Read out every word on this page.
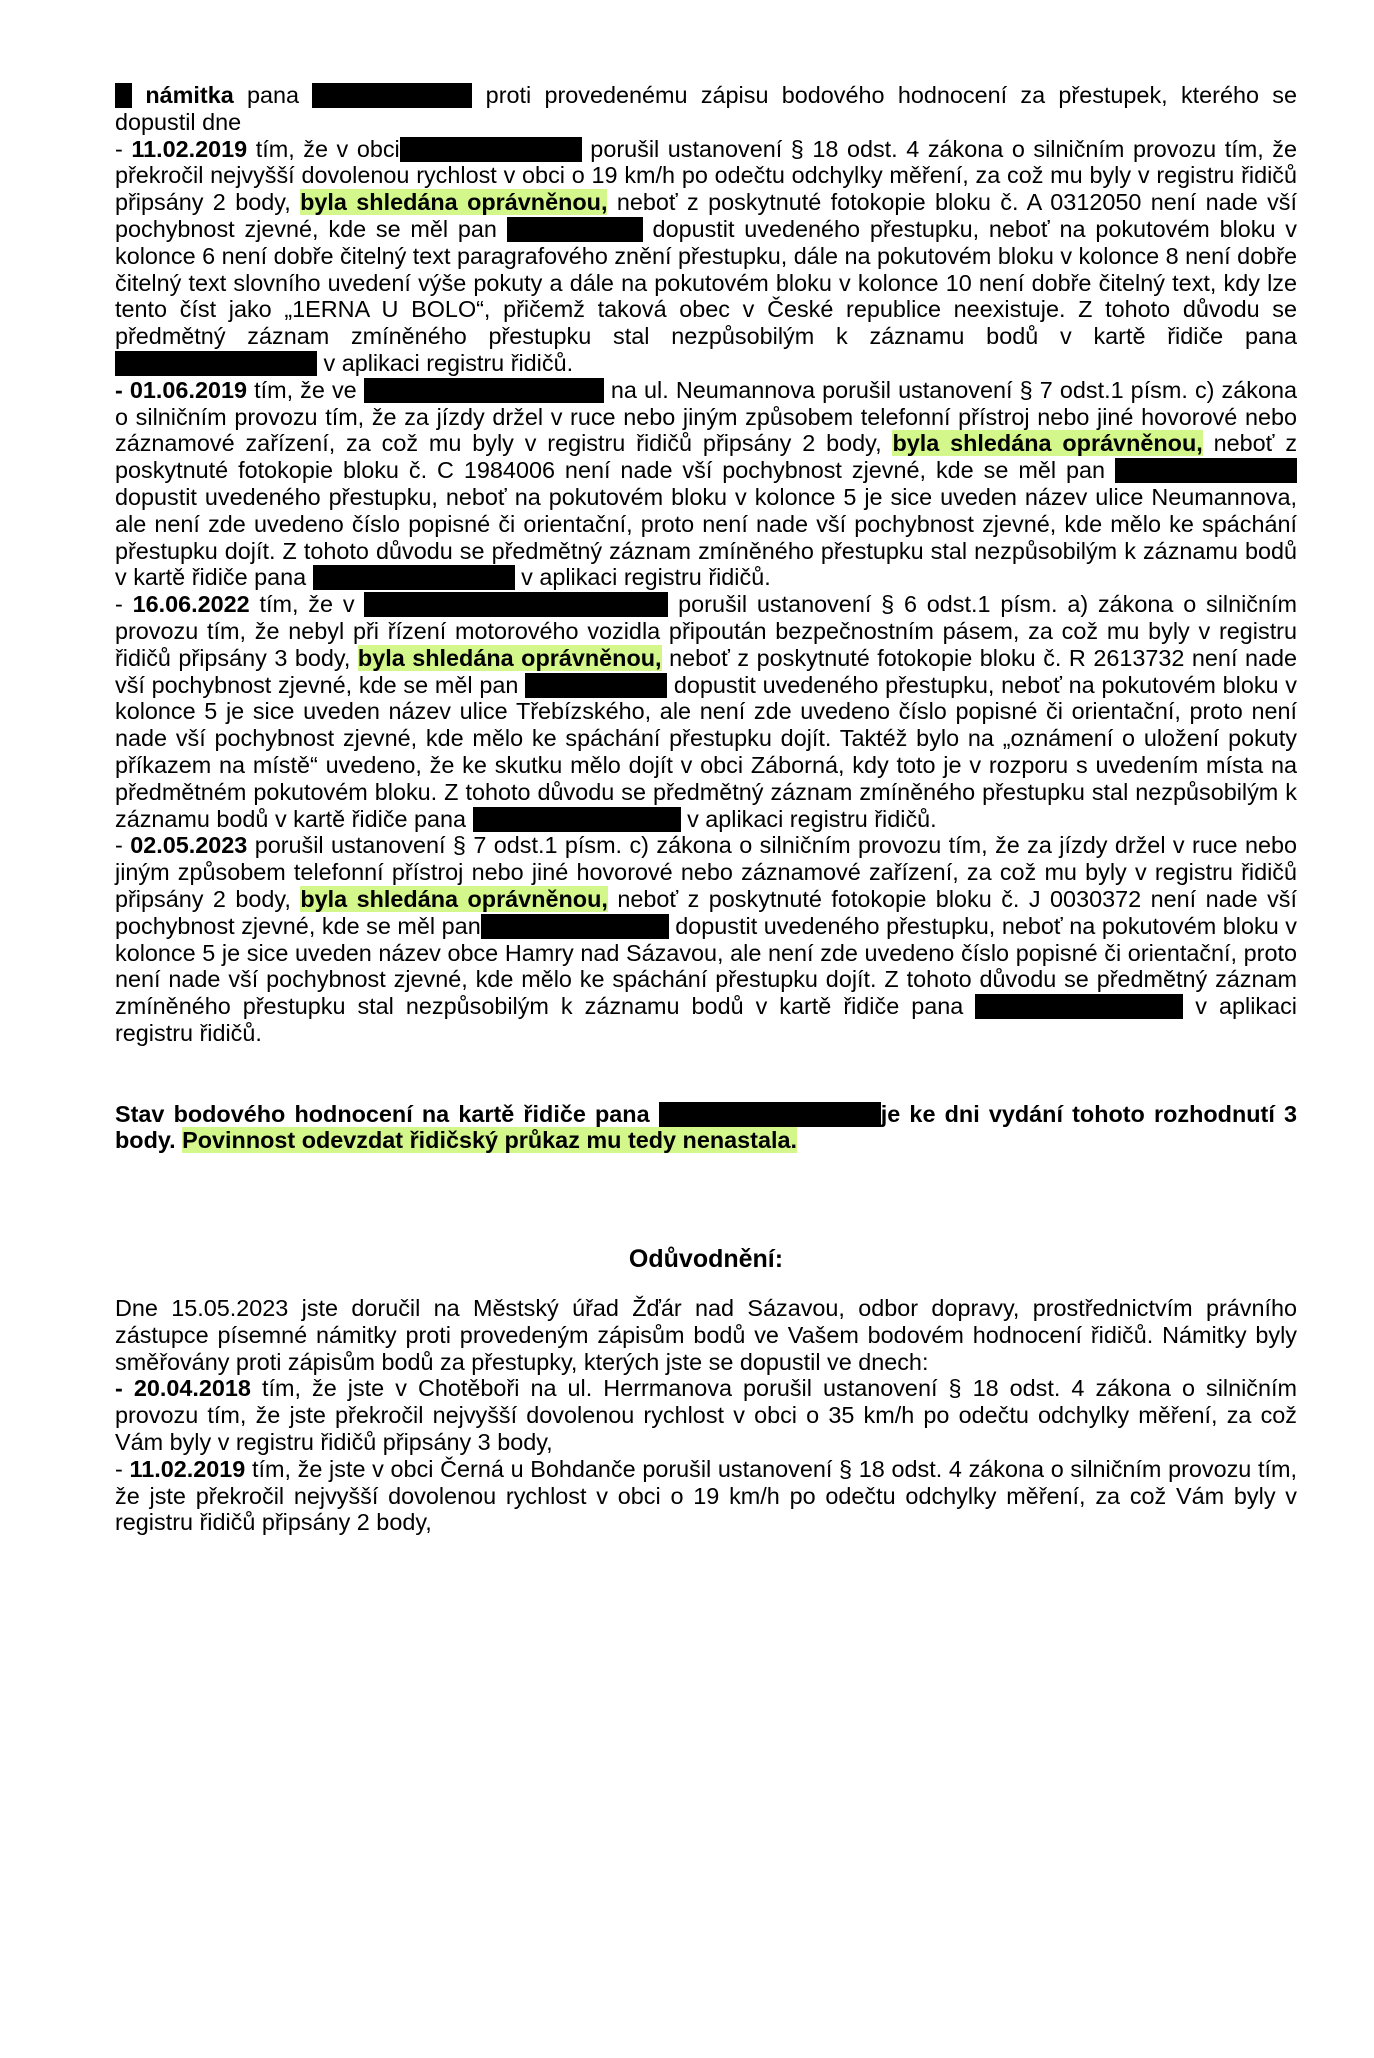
námitka pana	proti provedenému zápisu bodového hodnocení za přestupek, kterého se dopustil dne

- 11.02.2019 tím, že v obci	porušil ustanovení § 18 odst. 4 zákona o silničním provozu tím, že překročil nejvyšší dovolenou rychlost v obci o 19 km/h po odečtu odchylky měření, za což mu byly v registru řidičů připsány 2 body, byla shledána oprávněnou, neboť z poskytnuté fotokopie bloku č. A 0312050 není nade vší pochybnost zjevné, kde se měl pan	dopustit uvedeného přestupku, neboť na pokutovém bloku v kolonce 6 není dobře čitelný text paragrafového znění přestupku, dále na pokutovém bloku v kolonce 8 není dobře čitelný text slovního uvedení výše pokuty a dále na pokutovém bloku v kolonce 10 není dobře čitelný text, kdy lze tento číst jako „1ERNA U BOLO“, přičemž taková obec v České republice neexistuje. Z tohoto důvodu se předmětný záznam zmíněného přestupku stal nezpůsobilým k záznamu bodů v kartě řidiče pana  v aplikaci registru řidičů.

- 01.06.2019 tím, že ve	na ul. Neumannova porušil ustanovení § 7 odst.1 písm. c) zákona o silničním provozu tím, že za jízdy držel v ruce nebo jiným způsobem telefonní přístroj nebo jiné hovorové nebo záznamové zařízení, za což mu byly v registru řidičů připsány 2 body, byla shledána oprávněnou, neboť z poskytnuté fotokopie bloku č. C 1984006 není nade vší pochybnost zjevné, kde se měl pan dopustit uvedeného přestupku, neboť na pokutovém bloku v kolonce 5 je sice uveden název ulice Neumannova, ale není zde uvedeno číslo popisné či orientační, proto není nade vší pochybnost zjevné, kde mělo ke spáchání přestupku dojít. Z tohoto důvodu se předmětný záznam zmíněného přestupku stal nezpůsobilým k záznamu bodů v kartě řidiče pana	v aplikaci registru řidičů.

- 16.06.2022 tím, že v	porušil ustanovení § 6 odst.1 písm. a) zákona o silničním provozu tím, že nebyl při řízení motorového vozidla připoután bezpečnostním pásem, za což mu byly v registru řidičů připsány 3 body, byla shledána oprávněnou, neboť z poskytnuté fotokopie bloku č. R 2613732 není nade vší pochybnost zjevné, kde se měl pan	dopustit uvedeného přestupku, neboť na pokutovém bloku v kolonce 5 je sice uveden název ulice Třebízského, ale není zde uvedeno číslo popisné či orientační, proto není nade vší pochybnost zjevné, kde mělo ke spáchání přestupku dojít. Taktéž bylo na „oznámení o uložení pokuty příkazem na místě“ uvedeno, že ke skutku mělo dojít v obci Záborná, kdy toto je v rozporu s uvedením místa na předmětném pokutovém bloku. Z tohoto důvodu se předmětný záznam zmíněného přestupku stal nezpůsobilým k záznamu bodů v kartě řidiče pana	v aplikaci registru řidičů.

- 02.05.2023 porušil ustanovení § 7 odst.1 písm. c) zákona o silničním provozu tím, že za jízdy držel v ruce nebo jiným způsobem telefonní přístroj nebo jiné hovorové nebo záznamové zařízení, za což mu byly v registru řidičů připsány 2 body, byla shledána oprávněnou, neboť z poskytnuté fotokopie bloku č. J 0030372 není nade vší pochybnost zjevné, kde se měl pan	dopustit uvedeného přestupku, neboť na pokutovém bloku v kolonce 5 je sice uveden název obce Hamry nad Sázavou, ale není zde uvedeno číslo popisné či orientační, proto není nade vší pochybnost zjevné, kde mělo ke spáchání přestupku dojít. Z tohoto důvodu se předmětný záznam zmíněného přestupku stal nezpůsobilým k záznamu bodů v kartě řidiče pana	v aplikaci registru řidičů.

Stav bodového hodnocení na kartě řidiče pana	je ke dni vydání tohoto rozhodnutí 3 body. Povinnost odevzdat řidičský průkaz mu tedy nenastala.

Odůvodnění:

Dne 15.05.2023 jste doručil na Městský úřad Žďár nad Sázavou, odbor dopravy, prostřednictvím právního zástupce písemné námitky proti provedeným zápisům bodů ve Vašem bodovém hodnocení řidičů. Námitky byly směřovány proti zápisům bodů za přestupky, kterých jste se dopustil ve dnech:

- 20.04.2018 tím, že jste v Chotěboři na ul. Herrmanova porušil ustanovení § 18 odst. 4 zákona o silničním provozu tím, že jste překročil nejvyšší dovolenou rychlost v obci o 35 km/h po odečtu odchylky měření, za což Vám byly v registru řidičů připsány 3 body,

- 11.02.2019 tím, že jste v obci Černá u Bohdanče porušil ustanovení § 18 odst. 4 zákona o silničním provozu tím, že jste překročil nejvyšší dovolenou rychlost v obci o 19 km/h po odečtu odchylky měření, za což Vám byly v registru řidičů připsány 2 body,
